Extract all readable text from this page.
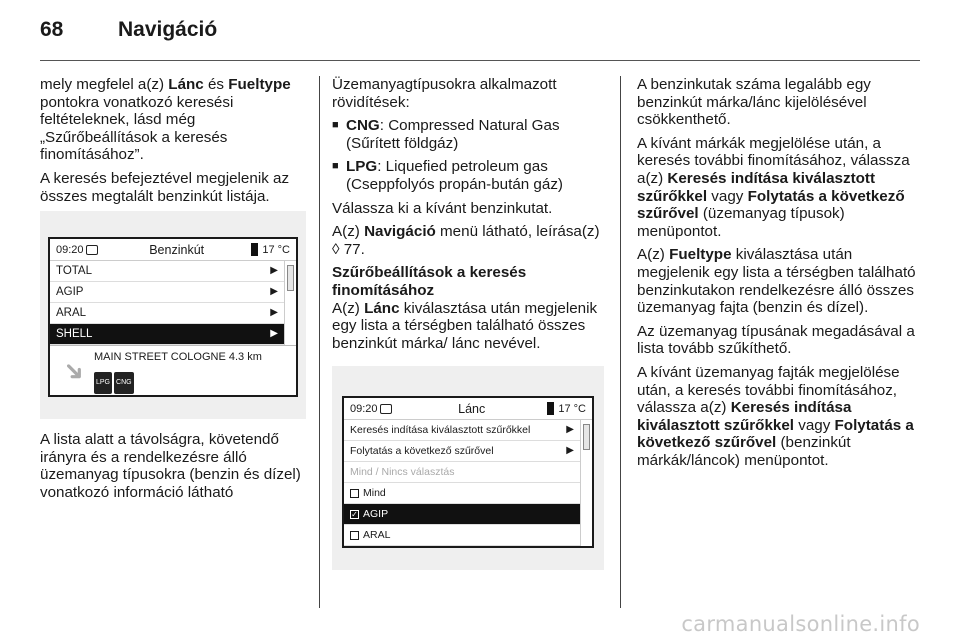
68	Navigáció

mely megfelel a(z) Lánc és Fueltype pontokra vonatkozó keresési feltételeknek, lásd még „Szűrőbeállítások a keresés finomításához”.

A keresés befejeztével megjelenik az összes megtalált benzinkút listája.

09:20	Benzinkút	17 °C
TOTAL	▶
AGIP	▶
ARAL	▶
SHELL	▶
➜ MAIN STREET COLOGNE 4.3 km
LPG CNG

A lista alatt a távolságra, követendő irányra és a rendelkezésre álló üzemanyag típusokra (benzin és dízel) vonatkozó információ látható

Üzemanyagtípusokra alkalmazott rövidítések:

■ CNG: Compressed Natural Gas (Sűrített földgáz)
■ LPG: Liquefied petroleum gas (Cseppfolyós propán-bután gáz)

Válassza ki a kívánt benzinkutat.

A(z) Navigáció menü látható, leírása(z) ◊ 77.

Szűrőbeállítások a keresés finomításához

A(z) Lánc kiválasztása után megjelenik egy lista a térségben található összes benzinkút márka/ lánc nevével.

09:20	Lánc	17 °C
Keresés indítása kiválasztott szűrőkkel	▶
Folytatás a következő szűrővel	▶
Mind / Nincs választás
Mind
✓ AGIP
ARAL

A benzinkutak száma legalább egy benzinkút márka/lánc kijelölésével csökkenthető.

A kívánt márkák megjelölése után, a keresés további finomításához, válassza a(z) Keresés indítása kiválasztott szűrőkkel vagy Folytatás a következő szűrővel (üzemanyag típusok) menüpontot.

A(z) Fueltype kiválasztása után megjelenik egy lista a térségben található benzinkutakon rendelkezésre álló összes üzemanyag fajta (benzin és dízel).

Az üzemanyag típusának megadásával a lista tovább szűkíthető.

A kívánt üzemanyag fajták megjelölése után, a keresés további finomításához, válassza a(z) Keresés indítása kiválasztott szűrőkkel vagy Folytatás a következő szűrővel (benzinkút márkák/láncok) menüpontot.

carmanualsonline.info
